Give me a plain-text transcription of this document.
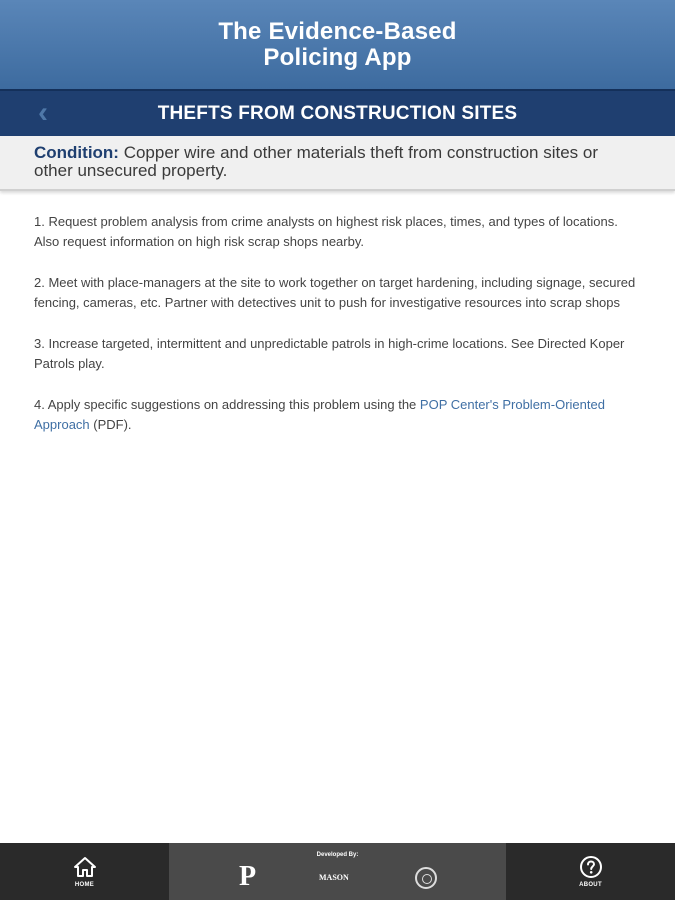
The Evidence-Based Policing App
‹	THEFTS FROM CONSTRUCTION SITES
Condition: Copper wire and other materials theft from construction sites or other unsecured property.

1. Request problem analysis from crime analysts on highest risk places, times, and types of locations. Also request information on high risk scrap shops nearby.

2. Meet with place-managers at the site to work together on target hardening, including signage, secured fencing, cameras, etc. Partner with detectives unit to push for investigative resources into scrap shops

3. Increase targeted, intermittent and unpredictable patrols in high-crime locations. See Directed Koper Patrols play.

4. Apply specific suggestions on addressing this problem using the POP Center's Problem-Oriented Approach (PDF).

HOME
Developed By:
P	MASON
ABOUT
